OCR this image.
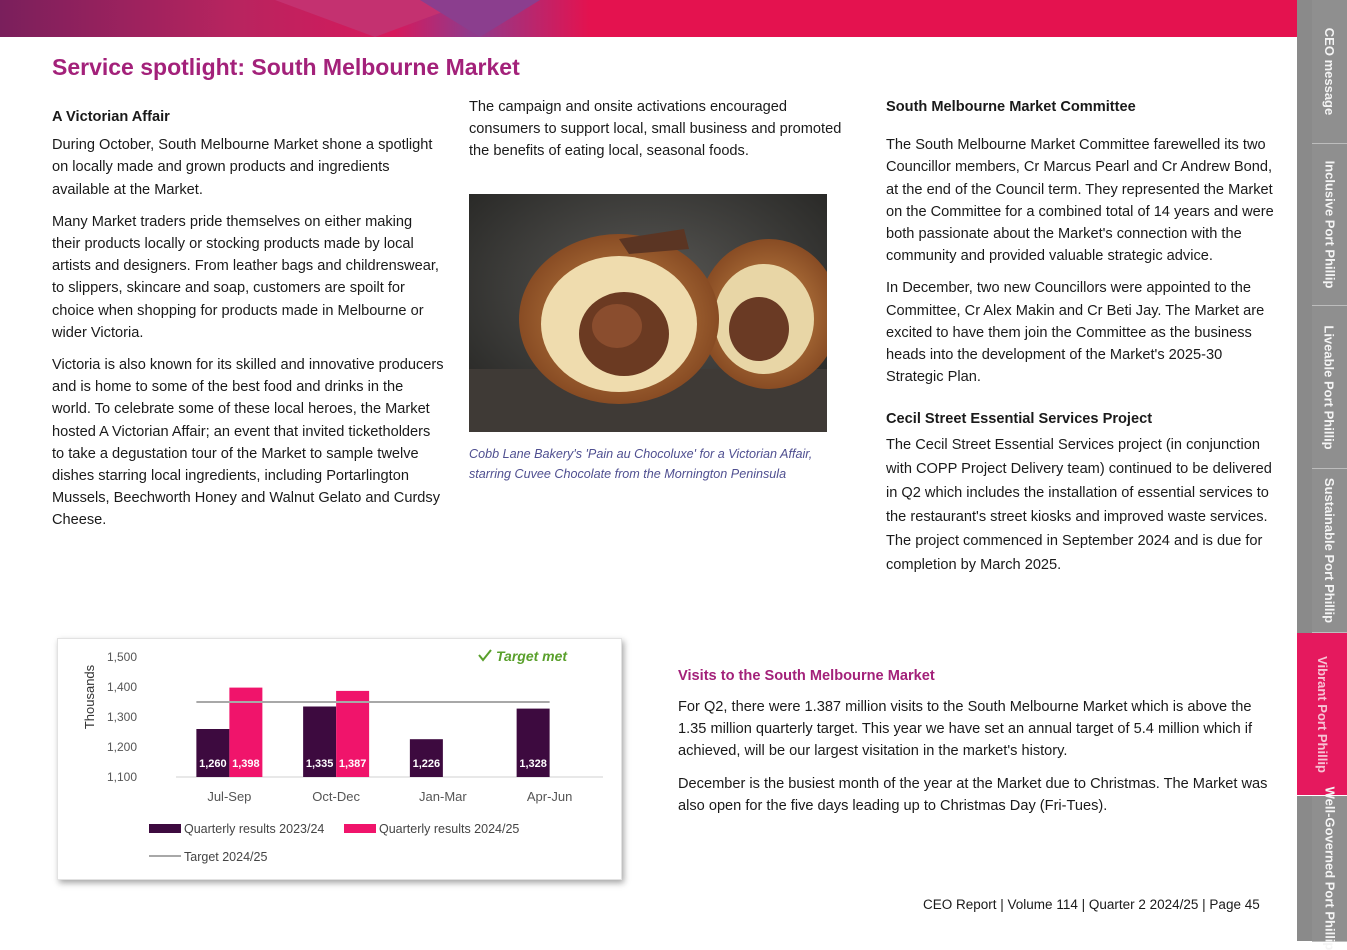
CEO message
Inclusive Port Phillip
Liveable Port Phillip
Sustainable Port Phillip
Vibrant Port Phillip
Well-Governed Port Phillip
Service spotlight: South Melbourne Market

A Victorian Affair

During October, South Melbourne Market shone a spotlight on locally made and grown products and ingredients available at the Market.

Many Market traders pride themselves on either making their products locally or stocking products made by local artists and designers. From leather bags and childrenswear, to slippers, skincare and soap, customers are spoilt for choice when shopping for products made in Melbourne or wider Victoria.

Victoria is also known for its skilled and innovative producers and is home to some of the best food and drinks in the world. To celebrate some of these local heroes, the Market hosted A Victorian Affair; an event that invited ticketholders to take a degustation tour of the Market to sample twelve dishes starring local ingredients, including Portarlington Mussels, Beechworth Honey and Walnut Gelato and Curdsy Cheese.

The campaign and onsite activations encouraged consumers to support local, small business and promoted the benefits of eating local, seasonal foods.

Cobb Lane Bakery's 'Pain au Chocoluxe' for a Victorian Affair, starring Cuvee Chocolate from the Mornington Peninsula

South Melbourne Market Committee

The South Melbourne Market Committee farewelled its two Councillor members, Cr Marcus Pearl and Cr Andrew Bond, at the end of the Council term. They represented the Market on the Committee for a combined total of 14 years and were both passionate about the Market's connection with the community and provided valuable strategic advice.

In December, two new Councillors were appointed to the Committee, Cr Alex Makin and Cr Beti Jay. The Market are excited to have them join the Committee as the business heads into the development of the Market's 2025-30 Strategic Plan.

Cecil Street Essential Services Project

The Cecil Street Essential Services project (in conjunction with COPP Project Delivery team) continued to be delivered in Q2 which includes the installation of essential services to the restaurant's street kiosks and improved waste services. The project commenced in September 2024 and is due for completion by March 2025.

Thousands
1,100
1,200
1,300
1,400
1,500
1,260 1,398
Jul-Sep
1,335 1,387
Oct-Dec
1,226
Jan-Mar
1,328
Apr-Jun
Target met
Quarterly results 2023/24	Quarterly results 2024/25
Target 2024/25
Visits to the South Melbourne Market

For Q2, there were 1.387 million visits to the South Melbourne Market which is above the 1.35 million quarterly target. This year we have set an annual target of 5.4 million which if achieved, will be our largest visitation in the market's history.

December is the busiest month of the year at the Market due to Christmas. The Market was also open for the five days leading up to Christmas Day (Fri-Tues).

CEO Report | Volume 114 | Quarter 2 2024/25 | Page 45
